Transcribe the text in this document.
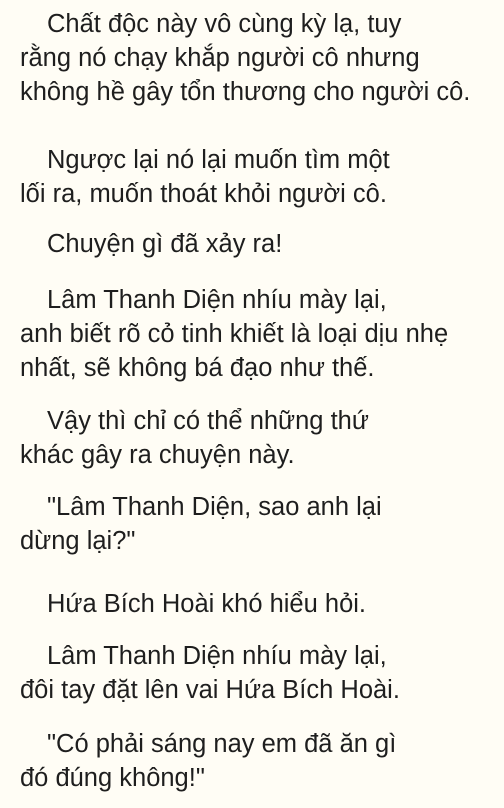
Chất độc này vô cùng kỳ lạ, tuy
rằng nó chạy khắp người cô nhưng
không hề gây tổn thương cho người cô.

Ngược lại nó lại muốn tìm một
lối ra, muốn thoát khỏi người cô.

Chuyện gì đã xảy ra!

Lâm Thanh Diện nhíu mày lại,
anh biết rõ cỏ tinh khiết là loại dịu nhẹ
nhất, sẽ không bá đạo như thế.

Vậy thì chỉ có thể những thứ
khác gây ra chuyện này.

"Lâm Thanh Diện, sao anh lại
dừng lại?"

Hứa Bích Hoài khó hiểu hỏi.

Lâm Thanh Diện nhíu mày lại,
đôi tay đặt lên vai Hứa Bích Hoài.

"Có phải sáng nay em đã ăn gì
đó đúng không!"
